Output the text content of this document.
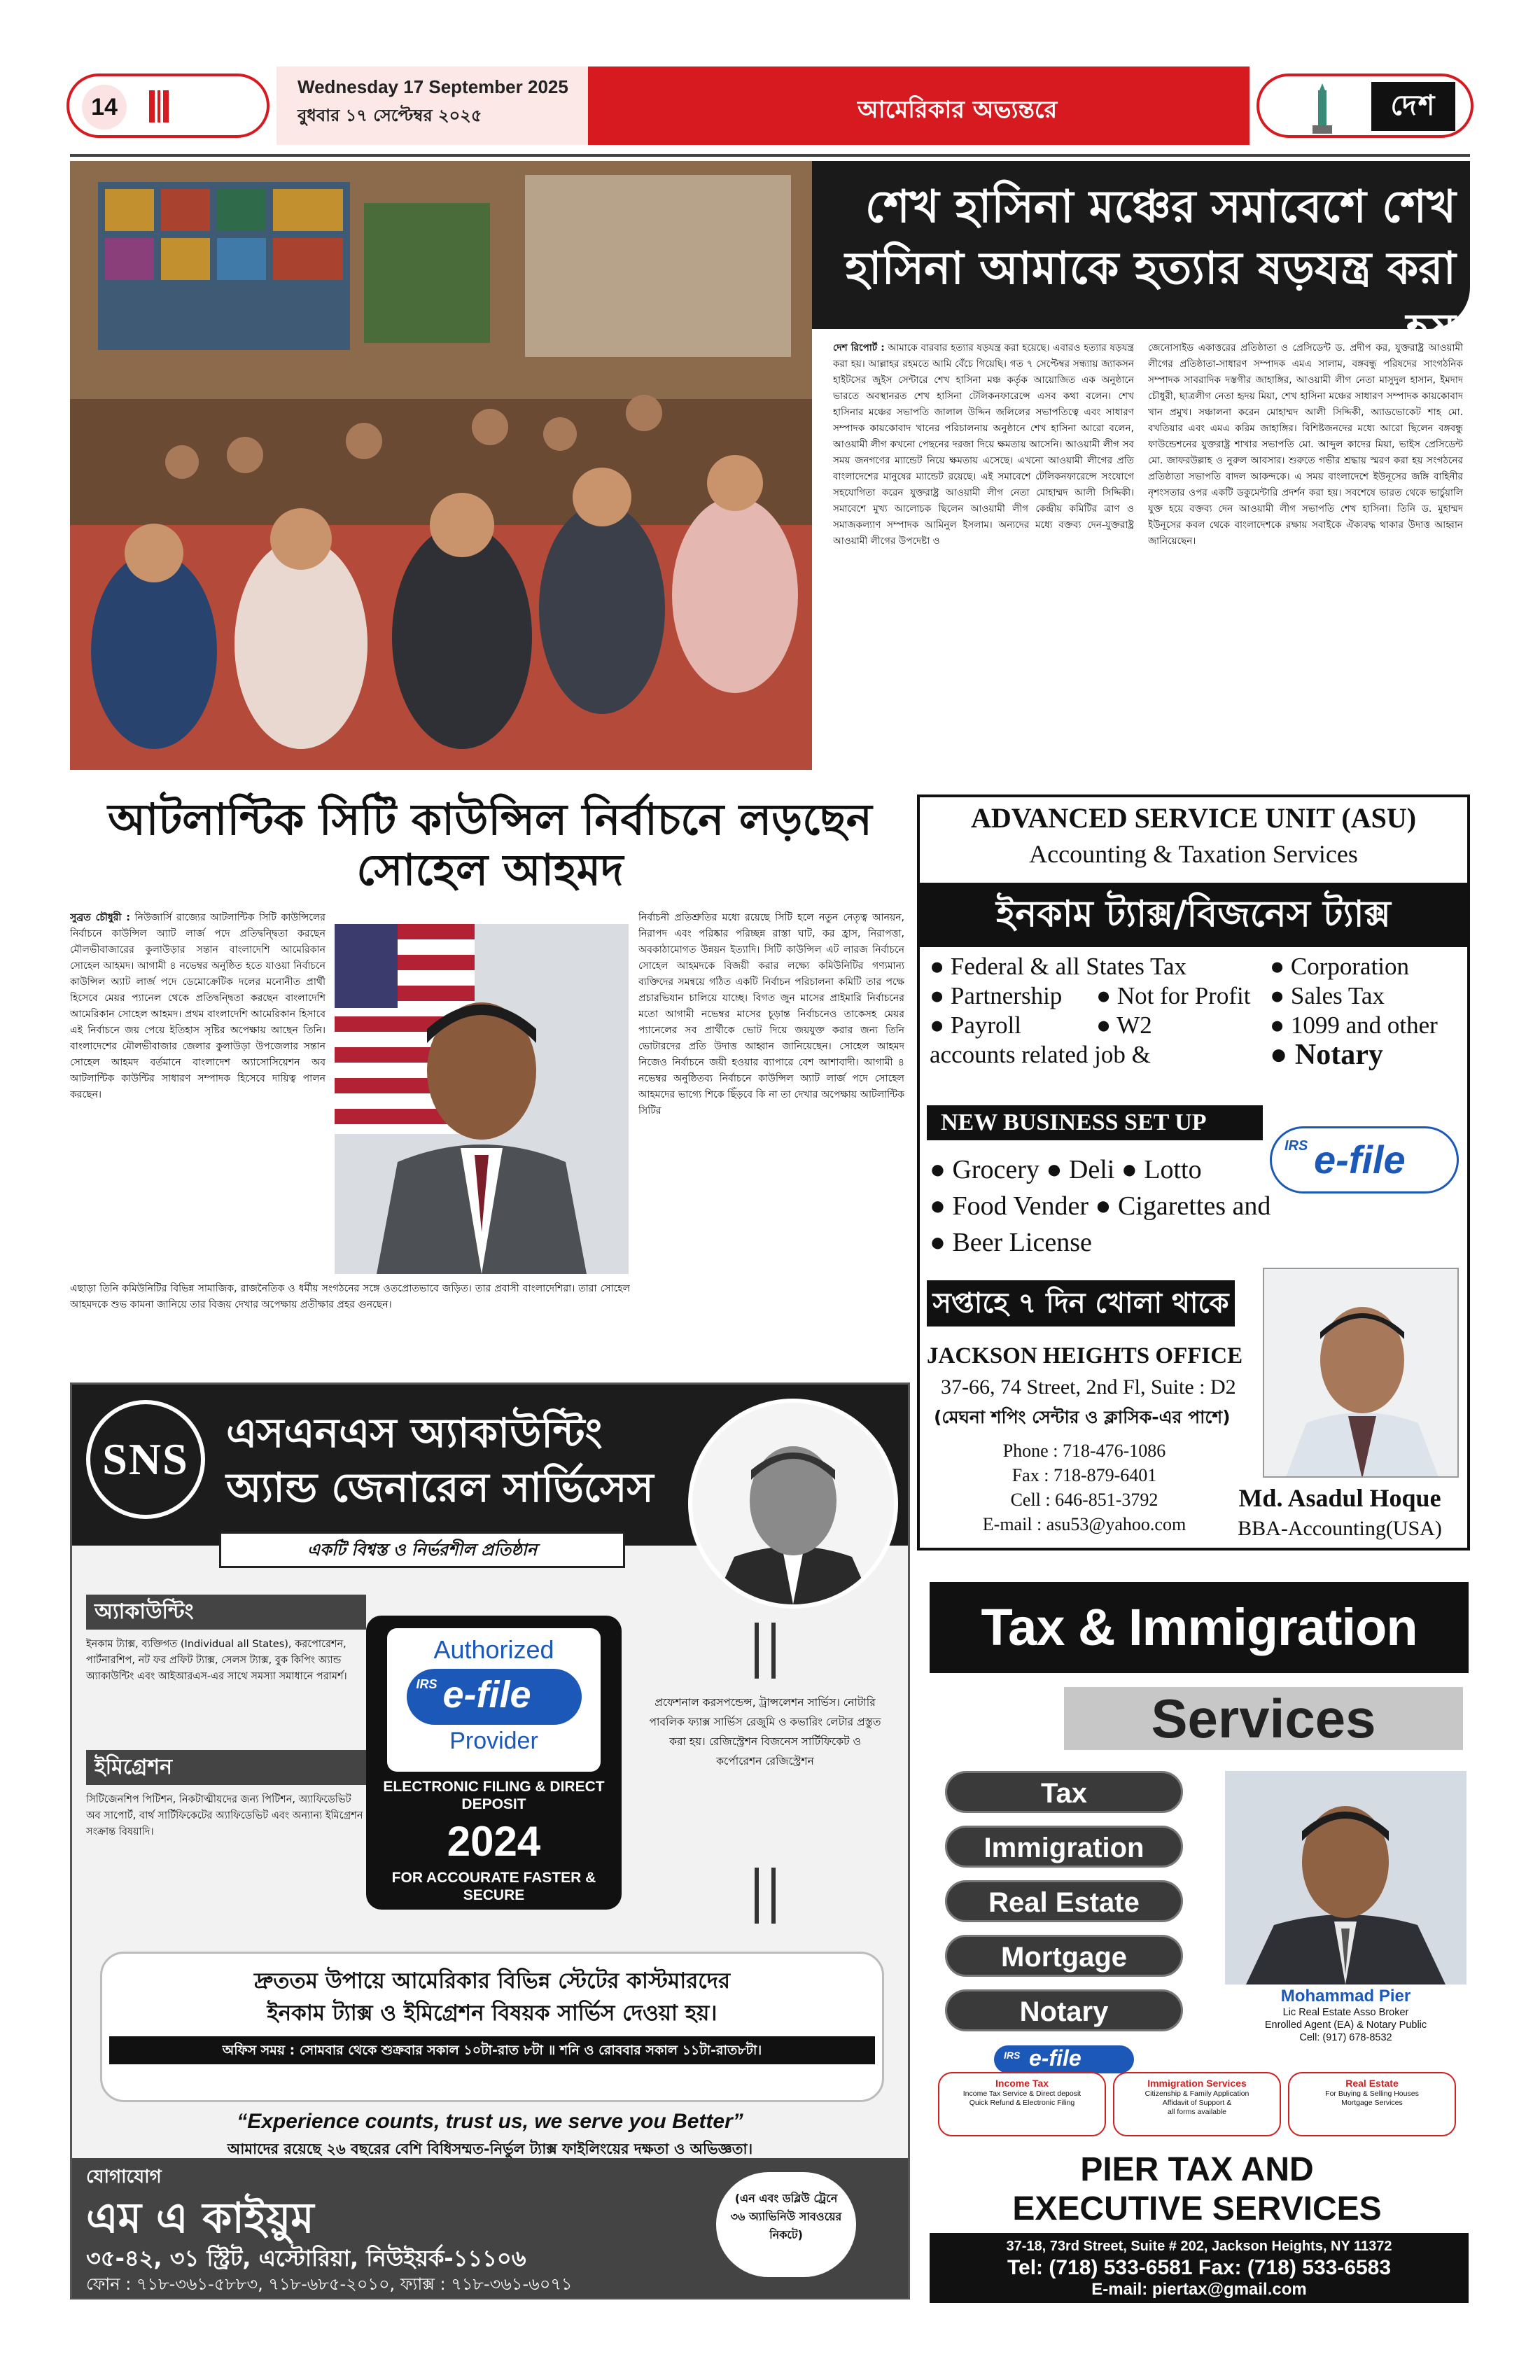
14
Wednesday 17 September 2025
বুধবার ১৭ সেপ্টেম্বর ২০২৫	আমেরিকার অভ্যন্তরে	দেশ
শেখ হাসিনা মঞ্চের সমাবেশে শেখ হাসিনা আমাকে হত্যার ষড়যন্ত্র করা হয়
দেশ রিপোর্ট : আমাকে বারবার হত্যার ষড়যন্ত্র করা হয়েছে। এবারও হত্যার ষড়যন্ত্র করা হয়। আল্লাহর রহমতে আমি বেঁচে গিয়েছি। গত ৭ সেপ্টেম্বর সন্ধ্যায় জ্যাকসন হাইটসের জুইস সেন্টারে শেখ হাসিনা মঞ্চ কর্তৃক আয়োজিত এক অনুষ্ঠানে ভারতে অবস্থানরত শেখ হাসিনা টেলিকনফারেন্সে এসব কথা বলেন। শেখ হাসিনার মঞ্চের সভাপতি জালাল উদ্দিন জলিলের সভাপতিত্বে এবং সাধারণ সম্পাদক কায়কোবাদ খানের পরিচালনায় অনুষ্ঠানে শেখ হাসিনা আরো বলেন, আওয়ামী লীগ কখনো পেছনের দরজা দিয়ে ক্ষমতায় আসেনি। আওয়ামী লীগ সব সময় জনগণের ম্যান্ডেট নিয়ে ক্ষমতায় এসেছে। এখনো আওয়ামী লীগের প্রতি বাংলাদেশের মানুষের ম্যান্ডেট রয়েছে। এই সমাবেশে টেলিকনফারেন্সে সংযোগে সহযোগিতা করেন যুক্তরাষ্ট্র আওয়ামী লীগ নেতা মোহাম্মদ আলী সিদ্দিকী। সমাবেশে মুখ্য আলোচক ছিলেন আওয়ামী লীগ কেন্দ্রীয় কমিটির ত্রাণ ও সমাজকল্যাণ সম্পাদক আমিনুল ইসলাম। অন্যদের মধ্যে বক্তব্য দেন-যুক্তরাষ্ট্র আওয়ামী লীগের উপদেষ্টা ও
জেনোসাইড একাত্তরের প্রতিষ্ঠাতা ও প্রেসিডেন্ট ড. প্রদীপ কর, যুক্তরাষ্ট্র আওয়ামী লীগের প্রতিষ্ঠাতা-সাধারণ সম্পাদক এমএ সালাম, বঙ্গবন্ধু পরিষদের সাংগঠনিক সম্পাদক সাবরাদিক দস্তগীর জাহাঙ্গির, আওয়ামী লীগ নেতা মাসুদুল হাসান, ইমদাদ চৌধুরী, ছাত্রলীগ নেতা হৃদয় মিয়া, শেখ হাসিনা মঞ্চের সাধারণ সম্পাদক কায়কোবাদ খান প্রমুখ। সঞ্চালনা করেন মোহাম্মদ আলী সিদ্দিকী, অ্যাডভোকেট শাহ মো. বখতিয়ার এবং এমএ করিম জাহাঙ্গির। বিশিষ্টজনদের মধ্যে আরো ছিলেন বঙ্গবন্ধু ফাউন্ডেশনের যুক্তরাষ্ট্র শাখার সভাপতি মো. আব্দুল কাদের মিয়া, ভাইস প্রেসিডেন্ট মো. জাফরউল্লাহ ও নুরুল আবসার। শুরুতে গভীর শ্রদ্ধায় স্মরণ করা হয় সংগঠনের প্রতিষ্ঠাতা সভাপতি বাদল আকন্দকে। এ সময় বাংলাদেশে ইউনূসের জঙ্গি বাহিনীর নৃশংসতার ওপর একটি ডকুমেন্টারি প্রদর্শন করা হয়। সবশেষে ভারত থেকে ভার্চুয়ালি যুক্ত হয়ে বক্তব্য দেন আওয়ামী লীগ সভাপতি শেখ হাসিনা। তিনি ড. মুহাম্মদ ইউনূসের কবল থেকে বাংলাদেশকে রক্ষায় সবাইকে ঐক্যবদ্ধ থাকার উদাত্ত আহ্বান জানিয়েছেন।
আটলান্টিক সিটি কাউন্সিল নির্বাচনে লড়ছেন সোহেল আহমদ
সুব্রত চৌধুরী : নিউজার্সি রাজ্যের আটলান্টিক সিটি কাউন্সিলের নির্বাচনে কাউন্সিল অ্যাট লার্জ পদে প্রতিদ্বন্দ্বিতা করছেন মৌলভীবাজারের কুলাউড়ার সন্তান বাংলাদেশি আমেরিকান সোহেল আহমদ। আগামী ৪ নভেম্বর অনুষ্ঠিত হতে যাওয়া নির্বাচনে কাউন্সিল অ্যাট লার্জ পদে ডেমোক্রেটিক দলের মনোনীত প্রার্থী হিসেবে মেয়র প্যানেল থেকে প্রতিদ্বন্দ্বিতা করছেন বাংলাদেশি আমেরিকান সোহেল আহমদ। প্রথম বাংলাদেশি আমেরিকান হিসাবে এই নির্বাচনে জয় পেয়ে ইতিহাস সৃষ্টির অপেক্ষায় আছেন তিনি। বাংলাদেশের মৌলভীবাজার জেলার কুলাউড়া উপজেলার সন্তান সোহেল আহমদ বর্তমানে বাংলাদেশ অ্যাসোসিয়েশন অব আটলান্টিক কাউন্টির সাধারণ সম্পাদক হিসেবে দায়িত্ব পালন করছেন।
নির্বাচনী প্রতিশ্রুতির মধ্যে রয়েছে সিটি হলে নতুন নেতৃত্ব আনয়ন, নিরাপদ এবং পরিষ্কার পরিচ্ছন্ন রাস্তা ঘাট, কর হ্রাস, নিরাপত্তা, অবকাঠামোগত উন্নয়ন ইত্যাদি। সিটি কাউন্সিল এট লারজ নির্বাচনে সোহেল আহমদকে বিজয়ী করার লক্ষ্যে কমিউনিটির গণ্যমান্য ব্যক্তিদের সমন্বয়ে গঠিত একটি নির্বাচন পরিচালনা কমিটি তার পক্ষে প্রচারভিযান চালিয়ে যাচ্ছে। বিগত জুন মাসের প্রাইমারি নির্বাচনের মতো আগামী নভেম্বর মাসের চূড়ান্ত নির্বাচনেও তাকেসহ মেয়র প্যানেলের সব প্রার্থীকে ভোট দিয়ে জয়যুক্ত করার জন্য তিনি ভোটারদের প্রতি উদাত্ত আহ্বান জানিয়েছেন। সোহেল আহমদ নিজেও নির্বাচনে জয়ী হওয়ার ব্যাপারে বেশ আশাবাদী। আগামী ৪ নভেম্বর অনুষ্ঠিতব্য নির্বাচনে কাউন্সিল অ্যাট লার্জ পদে সোহেল আহমদের ভাগ্যে শিকে ছিঁড়বে কি না তা দেখার অপেক্ষায় আটলান্টিক সিটির
এছাড়া তিনি কমিউনিটির বিভিন্ন সামাজিক, রাজনৈতিক ও ধর্মীয় সংগঠনের সঙ্গে ওতপ্রোতভাবে জড়িত। তার প্রবাসী বাংলাদেশিরা। তারা সোহেল আহমদকে শুভ কামনা জানিয়ে তার বিজয় দেখার অপেক্ষায় প্রতীক্ষার প্রহর গুনছেন।
ADVANCED SERVICE UNIT (ASU)
Accounting & Taxation Services
ইনকাম ট্যাক্স/বিজনেস ট্যাক্স
● Federal & all States Tax	● Corporation
● Partnership ● Not for Profit ● Sales Tax
● Payroll	● W2	● 1099 and other
accounts related job &	● Notary
NEW BUSINESS SET UP
IRS e-file
● Grocery ● Deli ● Lotto
● Food Vender ● Cigarettes and
● Beer License
সপ্তাহে ৭ দিন খোলা থাকে
JACKSON HEIGHTS OFFICE
37-66, 74 Street, 2nd Fl, Suite : D2
(মেঘনা শপিং সেন্টার ও ক্লাসিক-এর পাশে)
Phone : 718-476-1086
Fax : 718-879-6401
Cell : 646-851-3792
E-mail : asu53@yahoo.com
Md. Asadul Hoque
BBA-Accounting(USA)
SNS
এসএনএস অ্যাকাউন্টিং
অ্যান্ড জেনারেল সার্ভিসেস
একটি বিশ্বস্ত ও নির্ভরশীল প্রতিষ্ঠান
অ্যাকাউন্টিং
ইনকাম ট্যাক্স, ব্যক্তিগত (Individual all States), করপোরেশন, পার্টনারশিপ, নট ফর প্রফিট ট্যাক্স, সেলস ট্যাক্স, বুক কিপিং অ্যান্ড অ্যাকাউন্টিং এবং আইআরএস-এর সাথে সমস্যা সমাধানে পরামর্শ।
ইমিগ্রেশন
সিটিজেনশিপ পিটিশন, নিকটাত্মীয়দের জন্য পিটিশন, অ্যাফিডেভিট অব সাপোর্ট, বার্থ সার্টিফিকেটের অ্যাফিডেভিট এবং অন্যান্য ইমিগ্রেশন সংক্রান্ত বিষয়াদি।
Authorized
IRS e-file
Provider
ELECTRONIC FILING & DIRECT DEPOSIT
2024
FOR ACCOURATE FASTER & SECURE
প্রফেশনাল করসপন্ডেন্স, ট্রান্সলেশন সার্ভিস। নোটারি পাবলিক ফ্যাক্স সার্ভিস রেজুমি ও কভারিং লেটার প্রস্তুত করা হয়। রেজিস্ট্রেশন বিজনেস সার্টিফিকেট ও কর্পোরেশন রেজিস্ট্রেশন
দ্রুততম উপায়ে আমেরিকার বিভিন্ন স্টেটের কাস্টমারদের
ইনকাম ট্যাক্স ও ইমিগ্রেশন বিষয়ক সার্ভিস দেওয়া হয়।
অফিস সময় : সোমবার থেকে শুক্রবার সকাল ১০টা-রাত ৮টা ॥ শনি ও রোববার সকাল ১১টা-রাত৮টা।
“Experience counts, trust us, we serve you Better”
আমাদের রয়েছে ২৬ বছরের বেশি বিধিসম্মত-নির্ভুল ট্যাক্স ফাইলিংয়ের দক্ষতা ও অভিজ্ঞতা।
যোগাযোগ
এম এ কাইয়ুম
৩৫-৪২, ৩১ স্ট্রিট, এস্টোরিয়া, নিউইয়র্ক-১১১০৬
ফোন : ৭১৮-৩৬১-৫৮৮৩, ৭১৮-৬৮৫-২০১০, ফ্যাক্স : ৭১৮-৩৬১-৬০৭১
(এন এবং ডব্লিউ ট্রেনে ৩৬ অ্যাভিনিউ সাবওয়ের নিকটে)
Tax & Immigration
Services
Tax
Immigration
Real Estate
Mortgage
Notary
IRS e-file
Mohammad Pier
Lic Real Estate Asso Broker
Enrolled Agent (EA) & Notary Public
Cell: (917) 678-8532
Income Tax
Income Tax Service & Direct deposit
Quick Refund & Electronic Filing
Immigration Services
Citizenship & Family Application
Affidavit of Support &
all forms available
Real Estate
For Buying & Selling Houses
Mortgage Services
PIER TAX AND
EXECUTIVE SERVICES
37-18, 73rd Street, Suite # 202, Jackson Heights, NY 11372
Tel: (718) 533-6581 Fax: (718) 533-6583
E-mail: piertax@gmail.com
